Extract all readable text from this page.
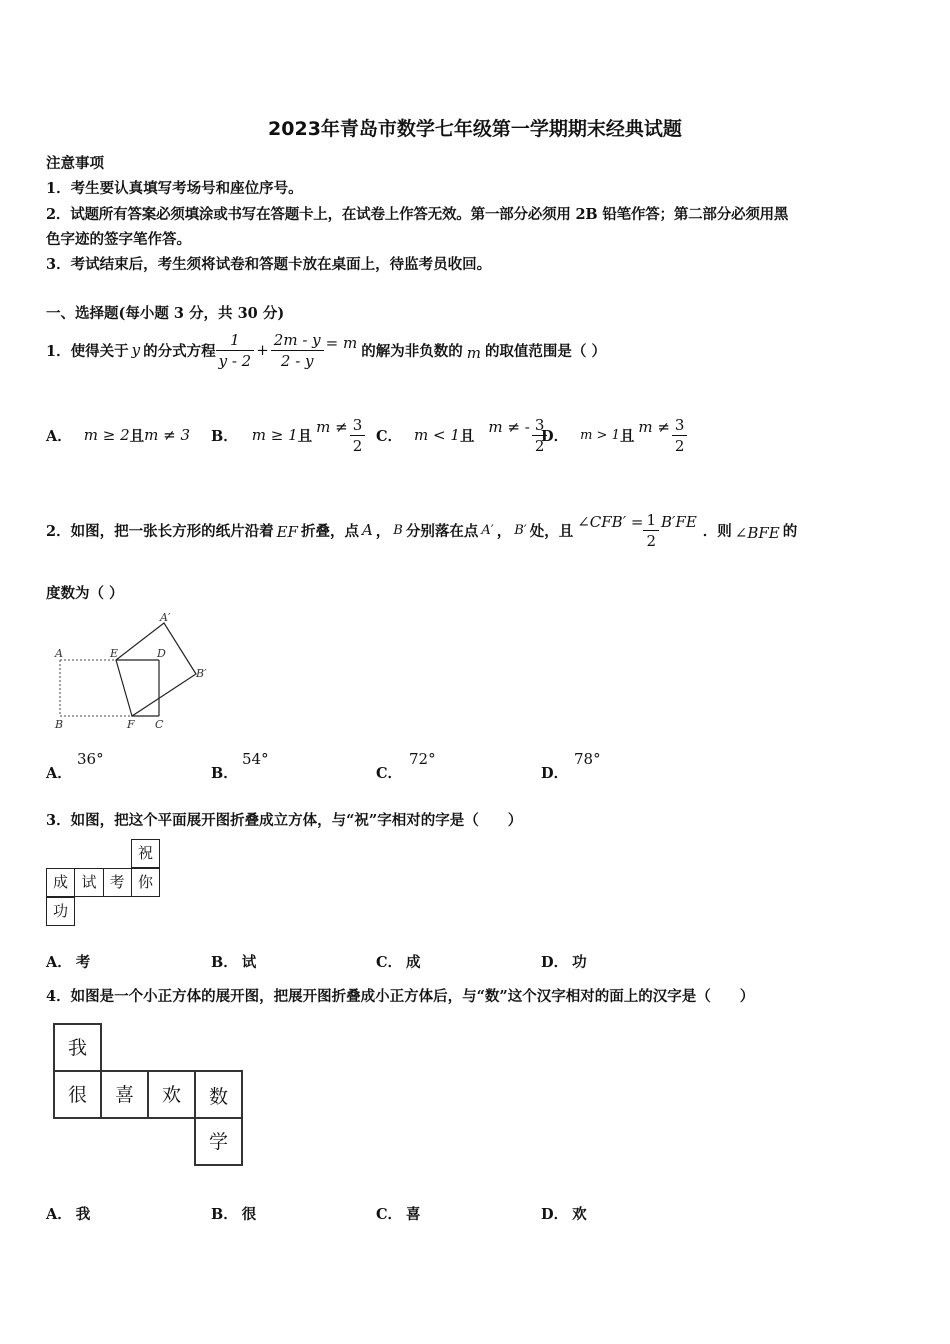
2023年青岛市数学七年级第一学期期末经典试题
注意事项
1．考生要认真填写考场号和座位序号。
2．试题所有答案必须填涂或书写在答题卡上，在试卷上作答无效。第一部分必须用 2B 铅笔作答；第二部分必须用黑
色字迹的签字笔作答。
3．考试结束后，考生须将试卷和答题卡放在桌面上，待监考员收回。
一、选择题(每小题 3 分，共 30 分)
1．使得关于 y 的分式方程 $\frac{1}{y - 2} + \frac{2m - y}{2 - y} = m$ 的解为非负数的 m 的取值范围是（ ）
A． m ≥ 2 且 m ≠ 3 B． m ≥ 1 且 $m \ne \frac{3}{2}$ C． m < 1 且 m ≠ - $\frac{3}{2}$
D． m > 1 且 $m \ne \frac{3}{2}$
2．如图，把一张长方形的纸片沿着 EF 折叠，点 A ， B 分别落在点 A′ ， B′ 处，且 ∠CFB′ = $\frac{1}{2} B'FE$ ．则 ∠BFE 的
度数为（ ）
A	E	D
A′
B′
B	F C
A．
36°
B．
54°
C．
72°
D．
78°
3．如图，把这个平面展开图折叠成立方体，与“祝”字相对的字是（　　）
祝
成 试 考 你
功
A． 考	B． 试	C． 成	D． 功
4．如图是一个小正方体的展开图，把展开图折叠成小正方体后，与“数”这个汉字相对的面上的汉字是（　　）
我
很	喜	欢	数
学
A． 我	B． 很	C． 喜	D． 欢
